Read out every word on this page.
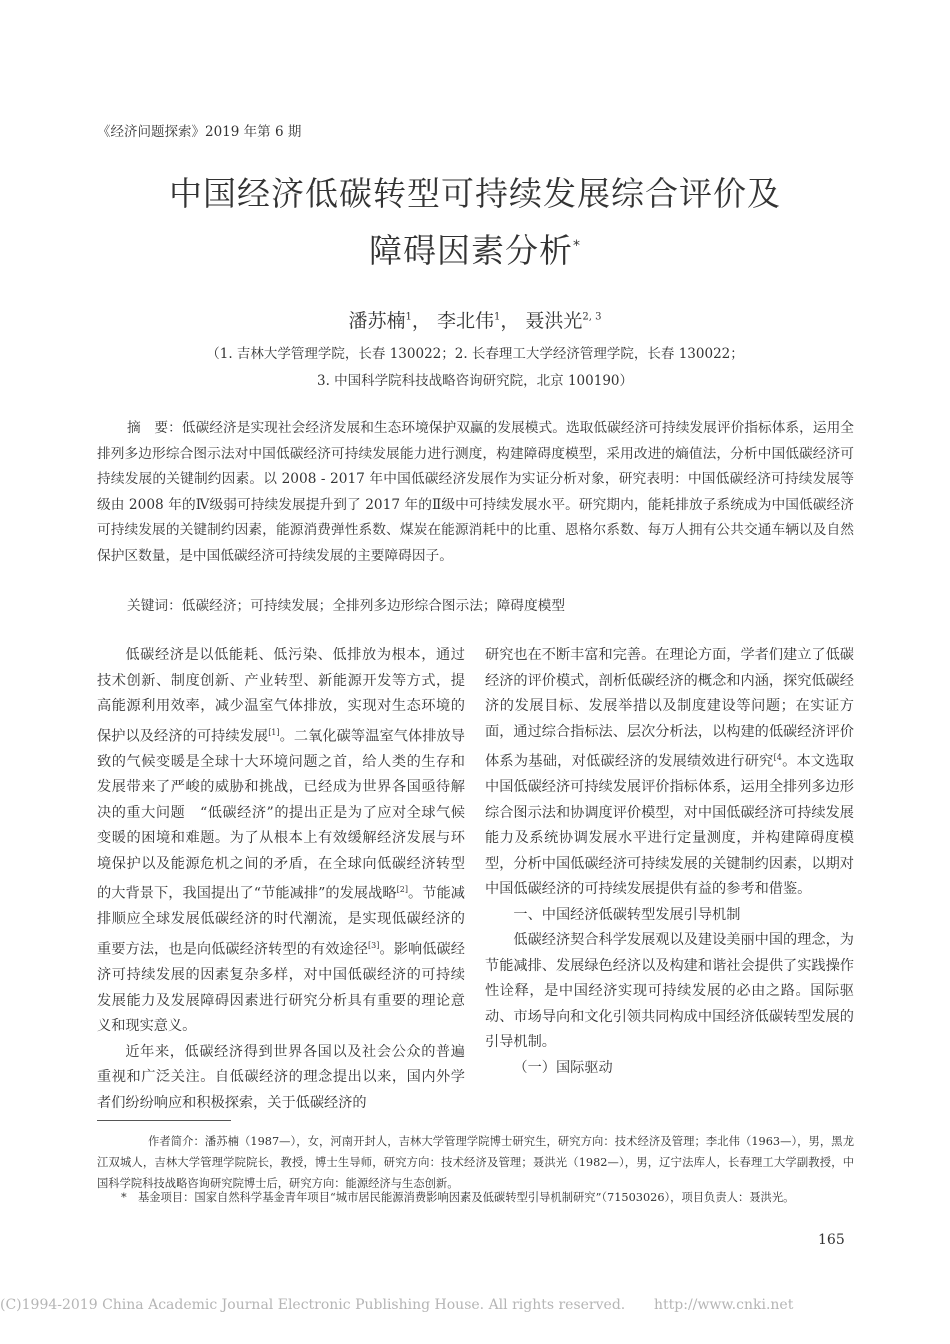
《经济问题探索》2019 年第 6 期
中国经济低碳转型可持续发展综合评价及
障碍因素分析*
潘苏楠$^1$， 李北伟$^1$， 聂洪光$^{2, 3}$
（1. 吉林大学管理学院，长春 130022；2. 长春理工大学经济管理学院，长春 130022；
3. 中国科学院科技战略咨询研究院，北京 100190）
摘　要：低碳经济是实现社会经济发展和生态环境保护双赢的发展模式。选取低碳经济可持续发展评价指标体系，运用全排列多边形综合图示法对中国低碳经济可持续发展能力进行测度，构建障碍度模型，采用改进的熵值法，分析中国低碳经济可持续发展的关键制约因素。以 2008 - 2017 年中国低碳经济发展作为实证分析对象，研究表明：中国低碳经济可持续发展等级由 2008 年的Ⅳ级弱可持续发展提升到了 2017 年的Ⅱ级中可持续发展水平。研究期内，能耗排放子系统成为中国低碳经济可持续发展的关键制约因素，能源消费弹性系数、煤炭在能源消耗中的比重、恩格尔系数、每万人拥有公共交通车辆以及自然保护区数量，是中国低碳经济可持续发展的主要障碍因子。
关键词：低碳经济；可持续发展；全排列多边形综合图示法；障碍度模型

低碳经济是以低能耗、低污染、低排放为根本，通过技术创新、制度创新、产业转型、新能源开发等方式，提高能源利用效率，减少温室气体排放，实现对生态环境的保护以及经济的可持续发展[1]。二氧化碳等温室气体排放导致的气候变暖是全球十大环境问题之首，给人类的生存和发展带来了严峻的威胁和挑战，已经成为世界各国亟待解决的重大问题　“低碳经济”的提出正是为了应对全球气候变暖的困境和难题。为了从根本上有效缓解经济发展与环境保护以及能源危机之间的矛盾，在全球向低碳经济转型的大背景下，我国提出了“节能减排”的发展战略[2]。节能减排顺应全球发展低碳经济的时代潮流，是实现低碳经济的重要方法，也是向低碳经济转型的有效途径[3]。影响低碳经济可持续发展的因素复杂多样，对中国低碳经济的可持续发展能力及发展障碍因素进行研究分析具有重要的理论意义和现实意义。

近年来，低碳经济得到世界各国以及社会公众的普遍重视和广泛关注。自低碳经济的理念提出以来，国内外学者们纷纷响应和积极探索，关于低碳经济的

研究也在不断丰富和完善。在理论方面，学者们建立了低碳经济的评价模式，剖析低碳经济的概念和内涵，探究低碳经济的发展目标、发展举措以及制度建设等问题；在实证方面，通过综合指标法、层次分析法，以构建的低碳经济评价体系为基础，对低碳经济的发展绩效进行研究$^{[4}$。本文选取中国低碳经济可持续发展评价指标体系，运用全排列多边形综合图示法和协调度评价模型，对中国低碳经济可持续发展能力及系统协调发展水平进行定量测度，并构建障碍度模型，分析中国低碳经济可持续发展的关键制约因素，以期对中国低碳经济的可持续发展提供有益的参考和借鉴。

一、中国经济低碳转型发展引导机制

低碳经济契合科学发展观以及建设美丽中国的理念，为节能减排、发展绿色经济以及构建和谐社会提供了实践操作性诠释，是中国经济实现可持续发展的必由之路。国际驱动、市场导向和文化引领共同构成中国经济低碳转型发展的引导机制。

（一）国际驱动

作者简介：潘苏楠（1987—），女，河南开封人，吉林大学管理学院博士研究生，研究方向：技术经济及管理；李北伟（1963—），男，黑龙江双城人，吉林大学管理学院院长，教授，博士生导师，研究方向：技术经济及管理；聂洪光（1982—），男，辽宁法库人，长春理工大学副教授，中国科学院科技战略咨询研究院博士后，研究方向：能源经济与生态创新。
*　基金项目：国家自然科学基金青年项目“城市居民能源消费影响因素及低碳转型引导机制研究”（71503026），项目负责人：聂洪光。
165
(C)1994-2019 China Academic Journal Electronic Publishing House. All rights reserved. http://www.cnki.net
